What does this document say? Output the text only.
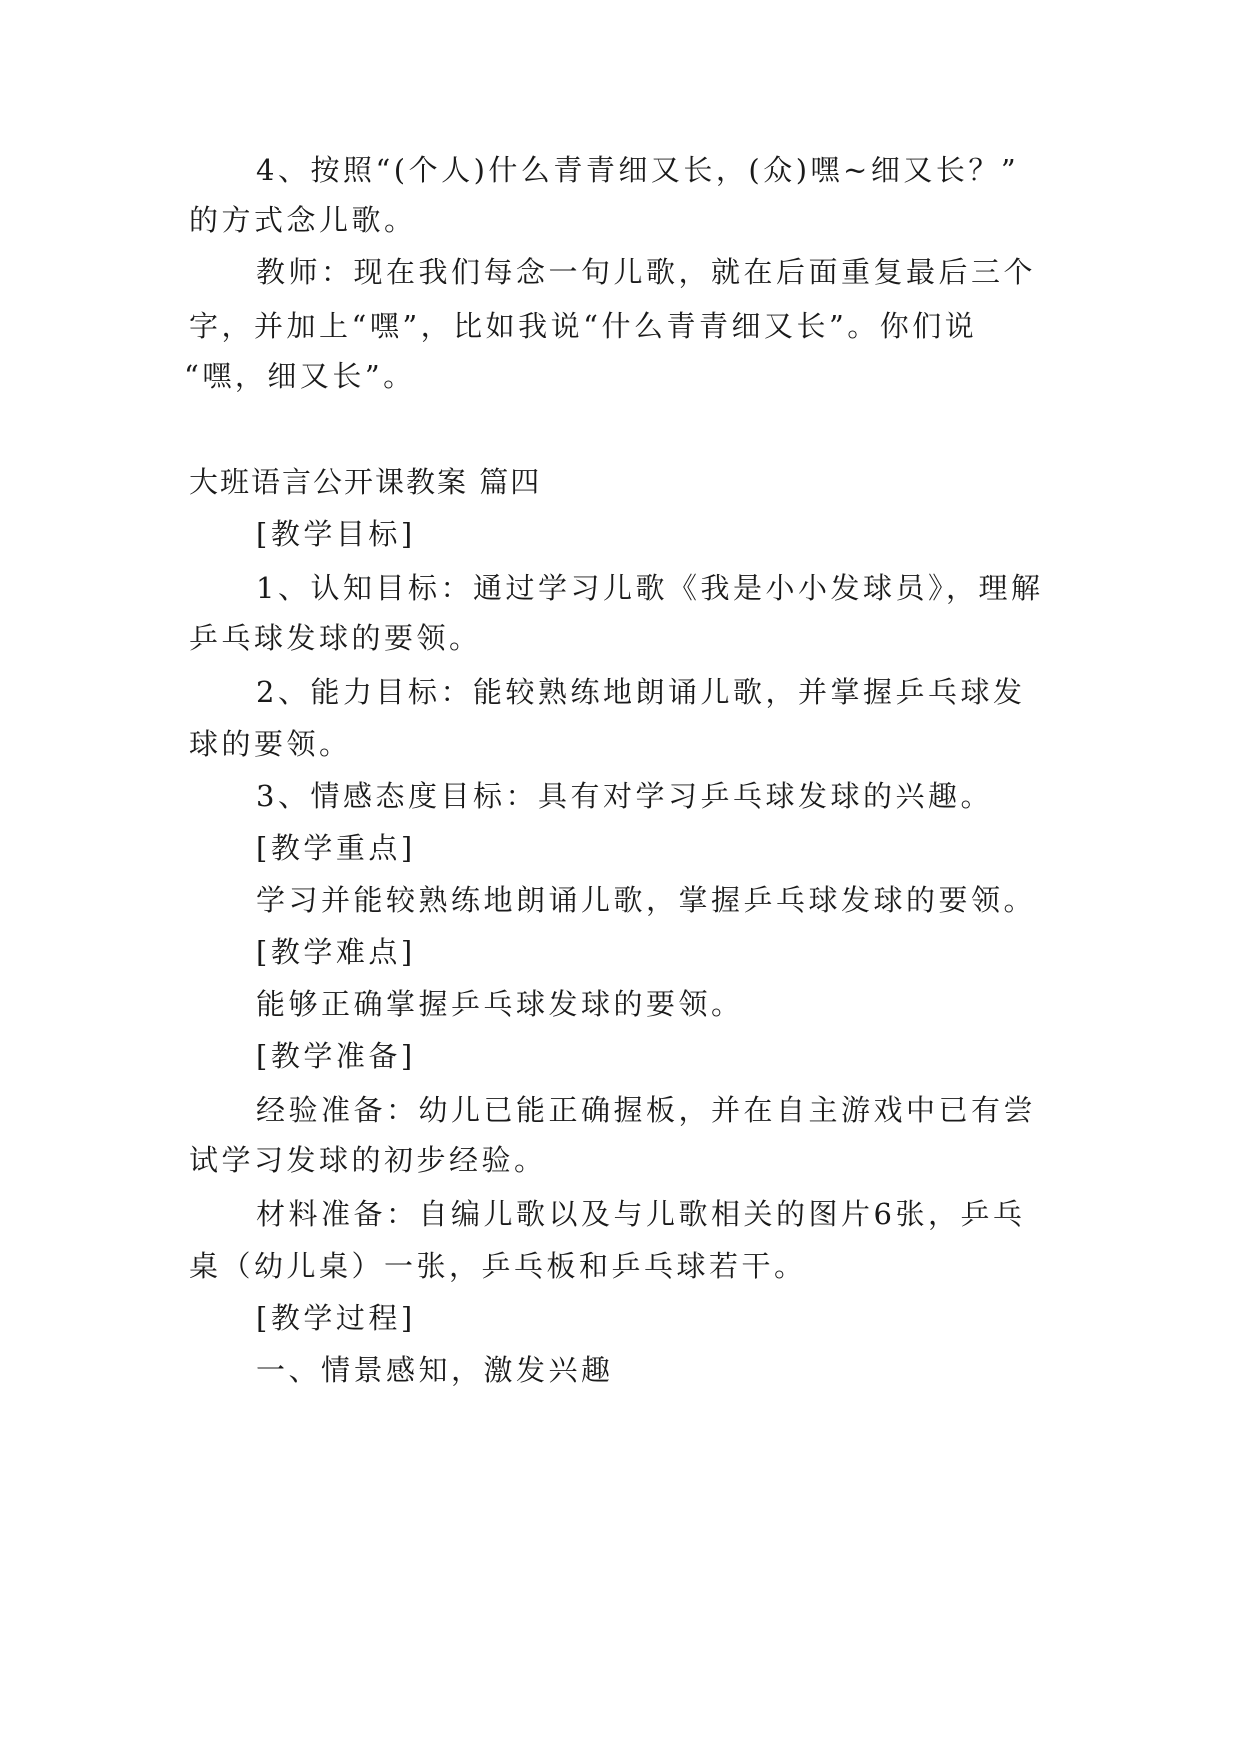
4、按照“(个人)什么青青细又长，(众)嘿~细又长？”
的方式念儿歌。
教师：现在我们每念一句儿歌，就在后面重复最后三个
字，并加上“嘿”，比如我说“什么青青细又长”。你们说
“嘿，细又长”。
大班语言公开课教案 篇四
[教学目标]
1、认知目标：通过学习儿歌《我是小小发球员》，理解
乒乓球发球的要领。
2、能力目标：能较熟练地朗诵儿歌，并掌握乒乓球发
球的要领。
3、情感态度目标：具有对学习乒乓球发球的兴趣。
[教学重点]
学习并能较熟练地朗诵儿歌，掌握乒乓球发球的要领。
[教学难点]
能够正确掌握乒乓球发球的要领。
[教学准备]
经验准备：幼儿已能正确握板，并在自主游戏中已有尝
试学习发球的初步经验。
材料准备：自编儿歌以及与儿歌相关的图片6张，乒乓
桌（幼儿桌）一张，乒乓板和乒乓球若干。
[教学过程]
一、情景感知，激发兴趣
